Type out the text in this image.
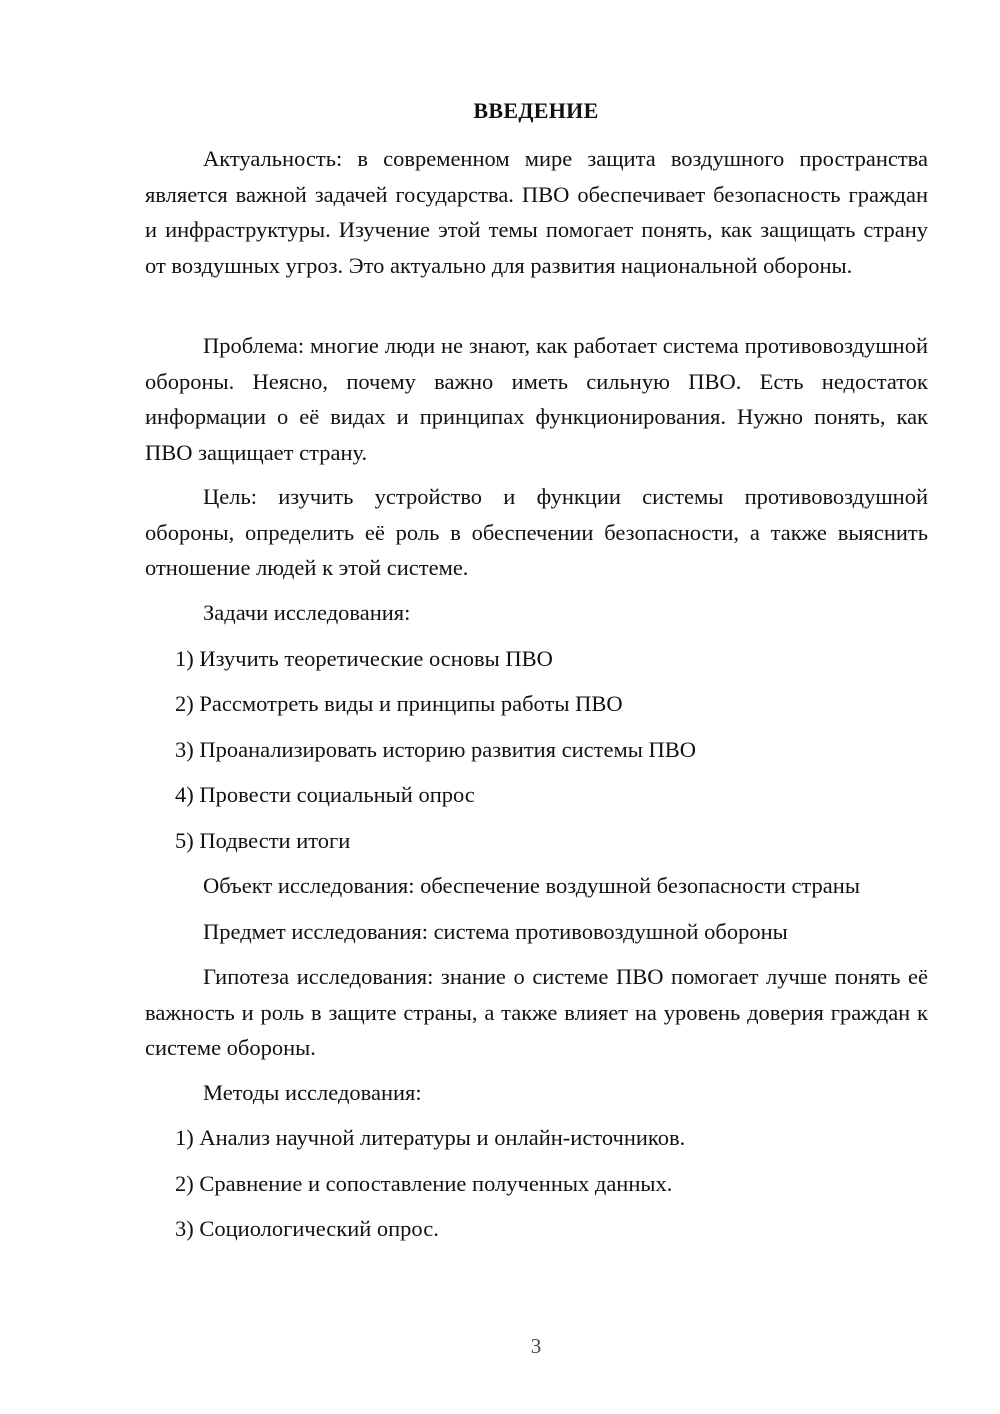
ВВЕДЕНИЕ

Актуальность: в современном мире защита воздушного пространства является важной задачей государства. ПВО обеспечивает безопасность граждан и инфраструктуры. Изучение этой темы помогает понять, как защищать страну от воздушных угроз. Это актуально для развития национальной обороны.

Проблема: многие люди не знают, как работает система противовоздушной обороны. Неясно, почему важно иметь сильную ПВО. Есть недостаток информации о её видах и принципах функционирования. Нужно понять, как ПВО защищает страну.

Цель: изучить устройство и функции системы противовоздушной обороны, определить её роль в обеспечении безопасности, а также выяснить отношение людей к этой системе.

Задачи исследования:

1) Изучить теоретические основы ПВО

2) Рассмотреть виды и принципы работы ПВО

3) Проанализировать историю развития системы ПВО

4) Провести социальный опрос

5) Подвести итоги

Объект исследования: обеспечение воздушной безопасности страны

Предмет исследования: система противовоздушной обороны

Гипотеза исследования: знание о системе ПВО помогает лучше понять её важность и роль в защите страны, а также влияет на уровень доверия граждан к системе обороны.

Методы исследования:

1) Анализ научной литературы и онлайн-источников.

2) Сравнение и сопоставление полученных данных.

3) Социологический опрос.

3
